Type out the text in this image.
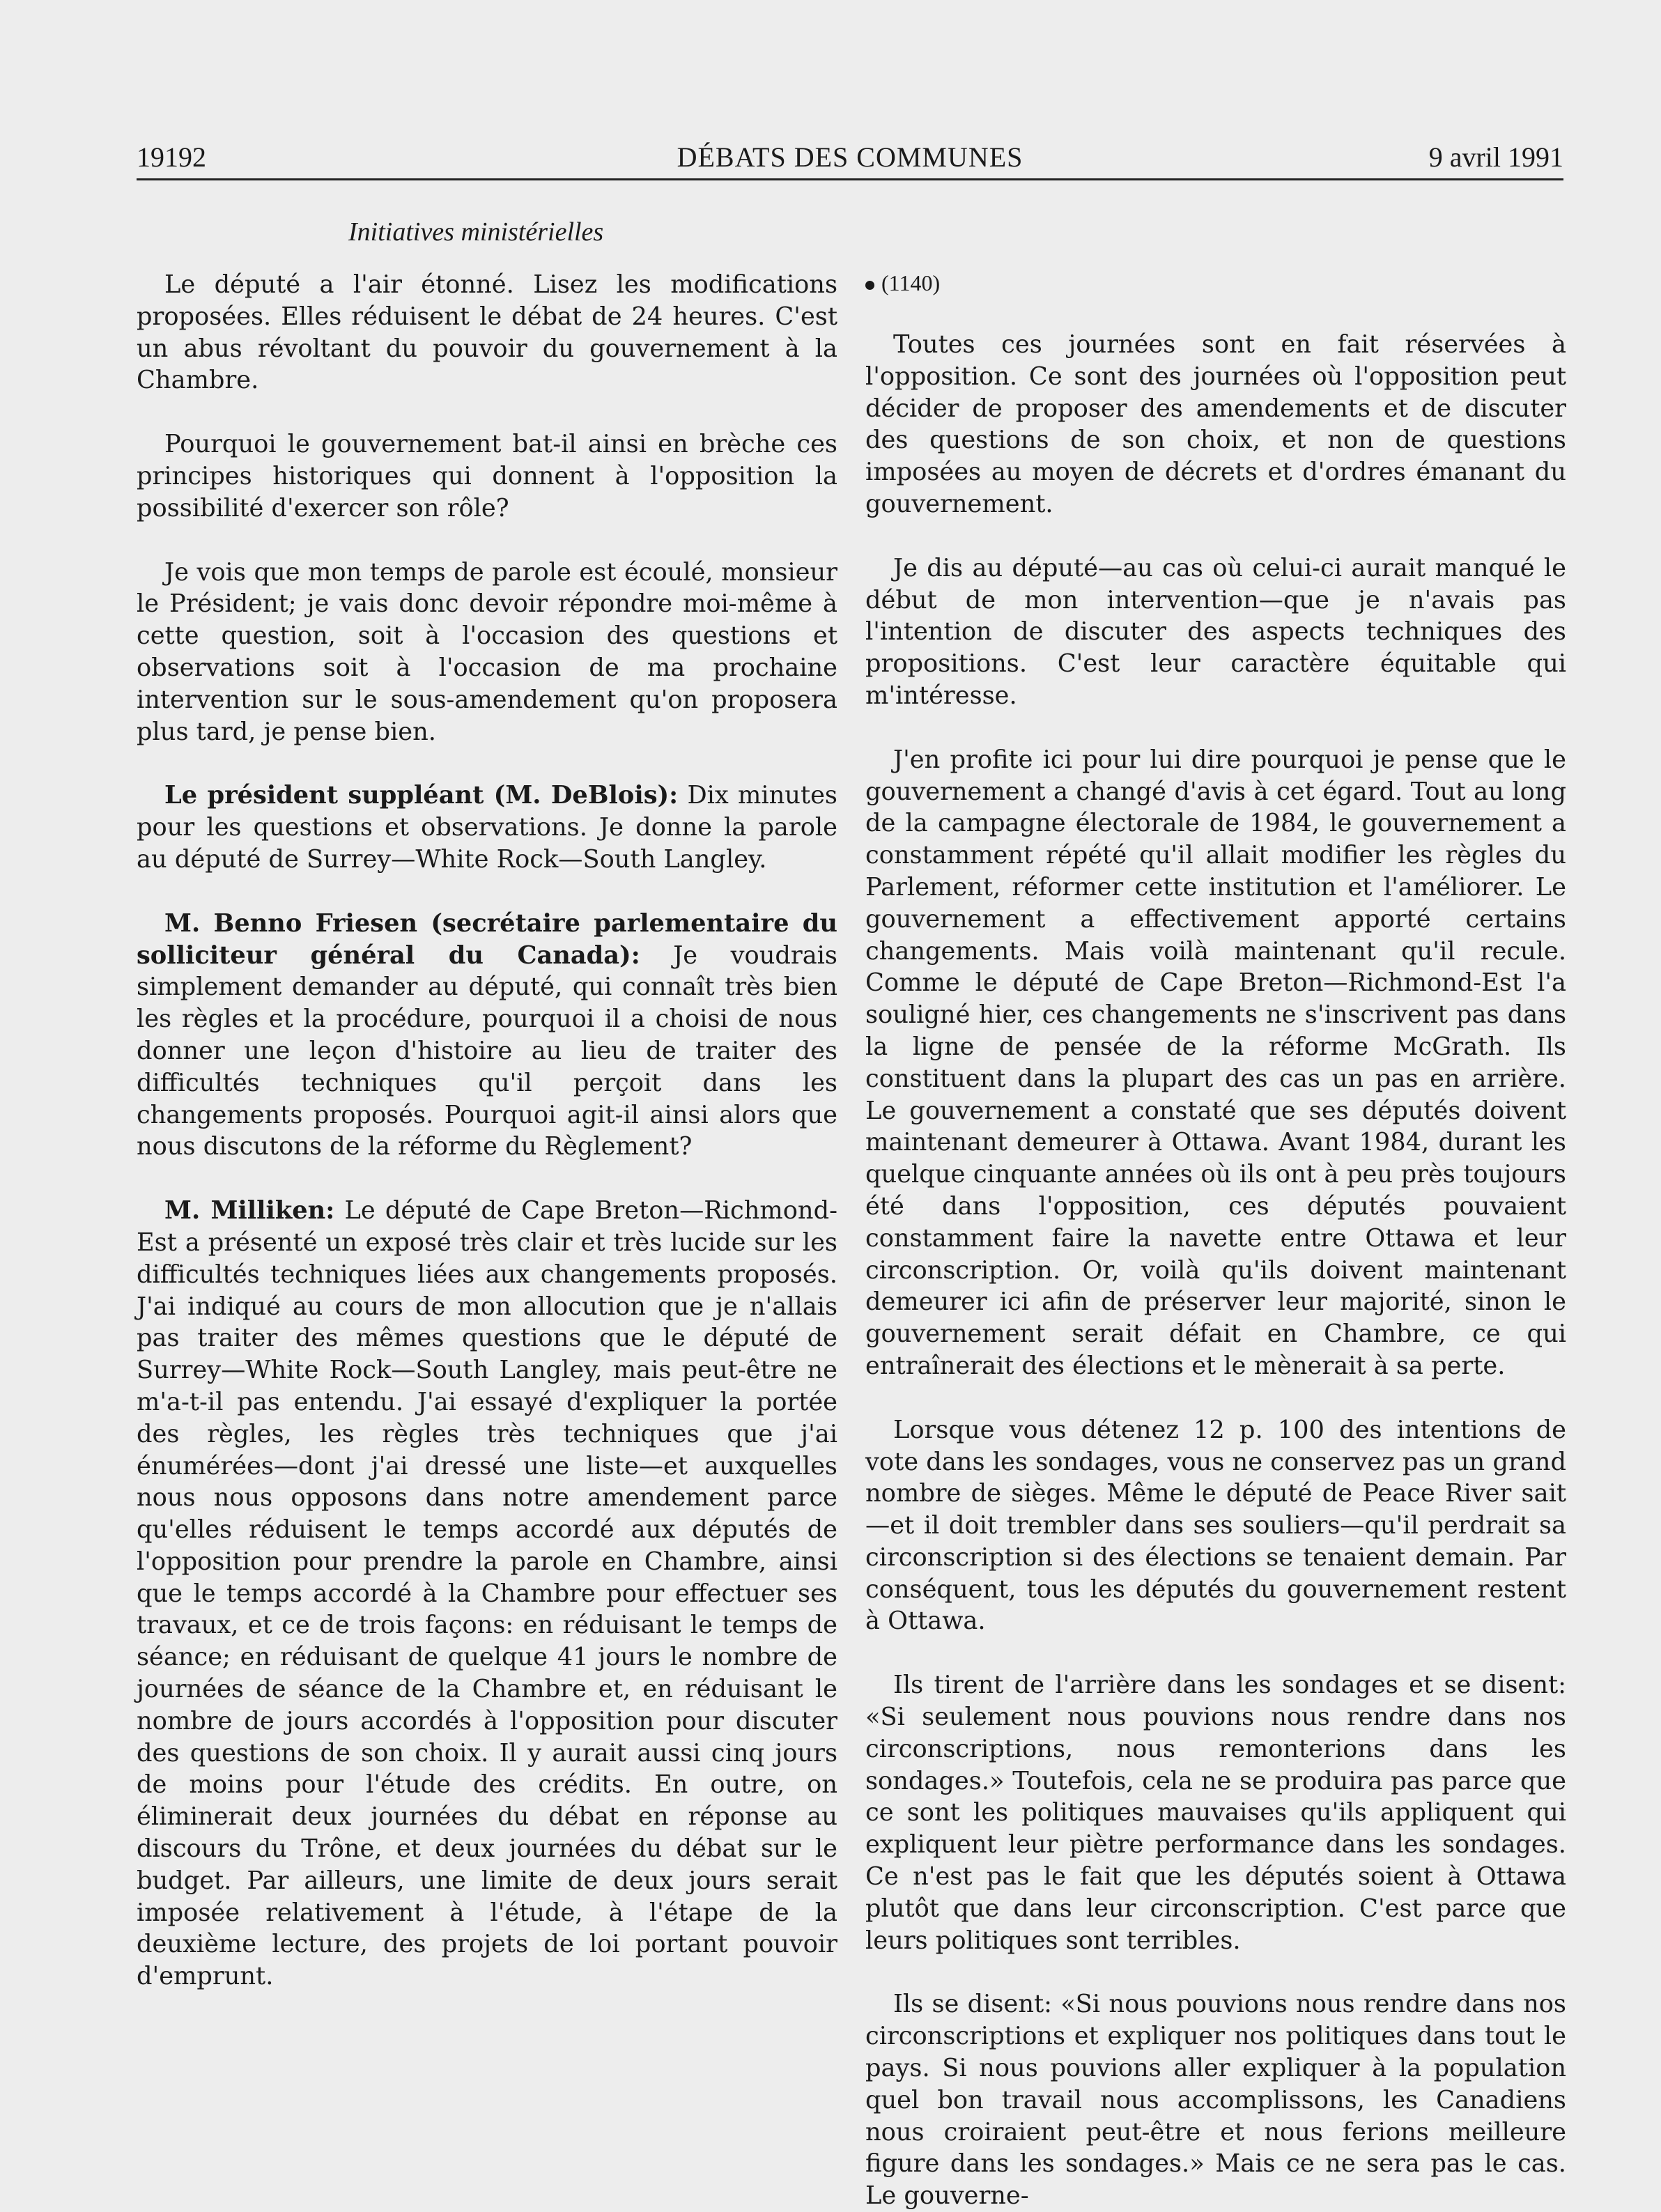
19192	DÉBATS DES COMMUNES	9 avril 1991
Initiatives ministérielles

Le député a l'air étonné. Lisez les modifications proposées. Elles réduisent le débat de 24 heures. C'est un abus révoltant du pouvoir du gouvernement à la Chambre.

Pourquoi le gouvernement bat-il ainsi en brèche ces principes historiques qui donnent à l'opposition la possibilité d'exercer son rôle?

Je vois que mon temps de parole est écoulé, monsieur le Président; je vais donc devoir répondre moi-même à cette question, soit à l'occasion des questions et observations soit à l'occasion de ma prochaine intervention sur le sous-amendement qu'on proposera plus tard, je pense bien.

Le président suppléant (M. DeBlois): Dix minutes pour les questions et observations. Je donne la parole au député de Surrey—White Rock—South Langley.

M. Benno Friesen (secrétaire parlementaire du solliciteur général du Canada): Je voudrais simplement demander au député, qui connaît très bien les règles et la procédure, pourquoi il a choisi de nous donner une leçon d'histoire au lieu de traiter des difficultés techniques qu'il perçoit dans les changements proposés. Pourquoi agit-il ainsi alors que nous discutons de la réforme du Règlement?

M. Milliken: Le député de Cape Breton—Richmond-Est a présenté un exposé très clair et très lucide sur les difficultés techniques liées aux changements proposés. J'ai indiqué au cours de mon allocution que je n'allais pas traiter des mêmes questions que le député de Surrey—White Rock—South Langley, mais peut-être ne m'a-t-il pas entendu. J'ai essayé d'expliquer la portée des règles, les règles très techniques que j'ai énumérées—dont j'ai dressé une liste—et auxquelles nous nous opposons dans notre amendement parce qu'elles réduisent le temps accordé aux députés de l'opposition pour prendre la parole en Chambre, ainsi que le temps accordé à la Chambre pour effectuer ses travaux, et ce de trois façons: en réduisant le temps de séance; en réduisant de quelque 41 jours le nombre de journées de séance de la Chambre et, en réduisant le nombre de jours accordés à l'opposition pour discuter des questions de son choix. Il y aurait aussi cinq jours de moins pour l'étude des crédits. En outre, on éliminerait deux journées du débat en réponse au discours du Trône, et deux journées du débat sur le budget. Par ailleurs, une limite de deux jours serait imposée relativement à l'étude, à l'étape de la deuxième lecture, des projets de loi portant pouvoir d'emprunt.

(1140)

Toutes ces journées sont en fait réservées à l'opposition. Ce sont des journées où l'opposition peut décider de proposer des amendements et de discuter des questions de son choix, et non de questions imposées au moyen de décrets et d'ordres émanant du gouvernement.

Je dis au député—au cas où celui-ci aurait manqué le début de mon intervention—que je n'avais pas l'intention de discuter des aspects techniques des propositions. C'est leur caractère équitable qui m'intéresse.

J'en profite ici pour lui dire pourquoi je pense que le gouvernement a changé d'avis à cet égard. Tout au long de la campagne électorale de 1984, le gouvernement a constamment répété qu'il allait modifier les règles du Parlement, réformer cette institution et l'améliorer. Le gouvernement a effectivement apporté certains changements. Mais voilà maintenant qu'il recule. Comme le député de Cape Breton—Richmond-Est l'a souligné hier, ces changements ne s'inscrivent pas dans la ligne de pensée de la réforme McGrath. Ils constituent dans la plupart des cas un pas en arrière. Le gouvernement a constaté que ses députés doivent maintenant demeurer à Ottawa. Avant 1984, durant les quelque cinquante années où ils ont à peu près toujours été dans l'opposition, ces députés pouvaient constamment faire la navette entre Ottawa et leur circonscription. Or, voilà qu'ils doivent maintenant demeurer ici afin de préserver leur majorité, sinon le gouvernement serait défait en Chambre, ce qui entraînerait des élections et le mènerait à sa perte.

Lorsque vous détenez 12 p. 100 des intentions de vote dans les sondages, vous ne conservez pas un grand nombre de sièges. Même le député de Peace River sait—et il doit trembler dans ses souliers—qu'il perdrait sa circonscription si des élections se tenaient demain. Par conséquent, tous les députés du gouvernement restent à Ottawa.

Ils tirent de l'arrière dans les sondages et se disent: «Si seulement nous pouvions nous rendre dans nos circonscriptions, nous remonterions dans les sondages.» Toutefois, cela ne se produira pas parce que ce sont les politiques mauvaises qu'ils appliquent qui expliquent leur piètre performance dans les sondages. Ce n'est pas le fait que les députés soient à Ottawa plutôt que dans leur circonscription. C'est parce que leurs politiques sont terribles.

Ils se disent: «Si nous pouvions nous rendre dans nos circonscriptions et expliquer nos politiques dans tout le pays. Si nous pouvions aller expliquer à la population quel bon travail nous accomplissons, les Canadiens nous croiraient peut-être et nous ferions meilleure figure dans les sondages.» Mais ce ne sera pas le cas. Le gouverne-
